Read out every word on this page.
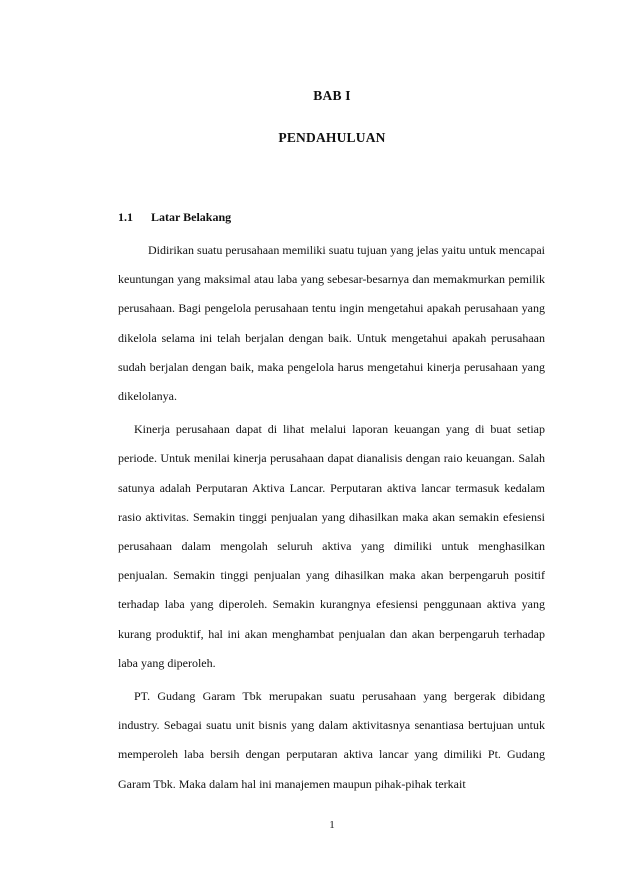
BAB I
PENDAHULUAN
1.1 Latar Belakang

Didirikan suatu perusahaan memiliki suatu tujuan yang jelas yaitu untuk mencapai keuntungan yang maksimal atau laba yang sebesar-besarnya dan memakmurkan pemilik perusahaan. Bagi pengelola perusahaan tentu ingin mengetahui apakah perusahaan yang dikelola selama ini telah berjalan dengan baik. Untuk mengetahui apakah perusahaan sudah berjalan dengan baik, maka pengelola harus mengetahui kinerja perusahaan yang dikelolanya.

Kinerja perusahaan dapat di lihat melalui laporan keuangan yang di buat setiap periode. Untuk menilai kinerja perusahaan dapat dianalisis dengan raio keuangan. Salah satunya adalah Perputaran Aktiva Lancar. Perputaran aktiva lancar termasuk kedalam rasio aktivitas. Semakin tinggi penjualan yang dihasilkan maka akan semakin efesiensi perusahaan dalam mengolah seluruh aktiva yang dimiliki untuk menghasilkan penjualan. Semakin tinggi penjualan yang dihasilkan maka akan berpengaruh positif terhadap laba yang diperoleh. Semakin kurangnya efesiensi penggunaan aktiva yang kurang produktif, hal ini akan menghambat penjualan dan akan berpengaruh terhadap laba yang diperoleh.

PT. Gudang Garam Tbk merupakan suatu perusahaan yang bergerak dibidang industry. Sebagai suatu unit bisnis yang dalam aktivitasnya senantiasa bertujuan untuk memperoleh laba bersih dengan perputaran aktiva lancar yang dimiliki Pt. Gudang Garam Tbk. Maka dalam hal ini manajemen maupun pihak-pihak terkait

1
